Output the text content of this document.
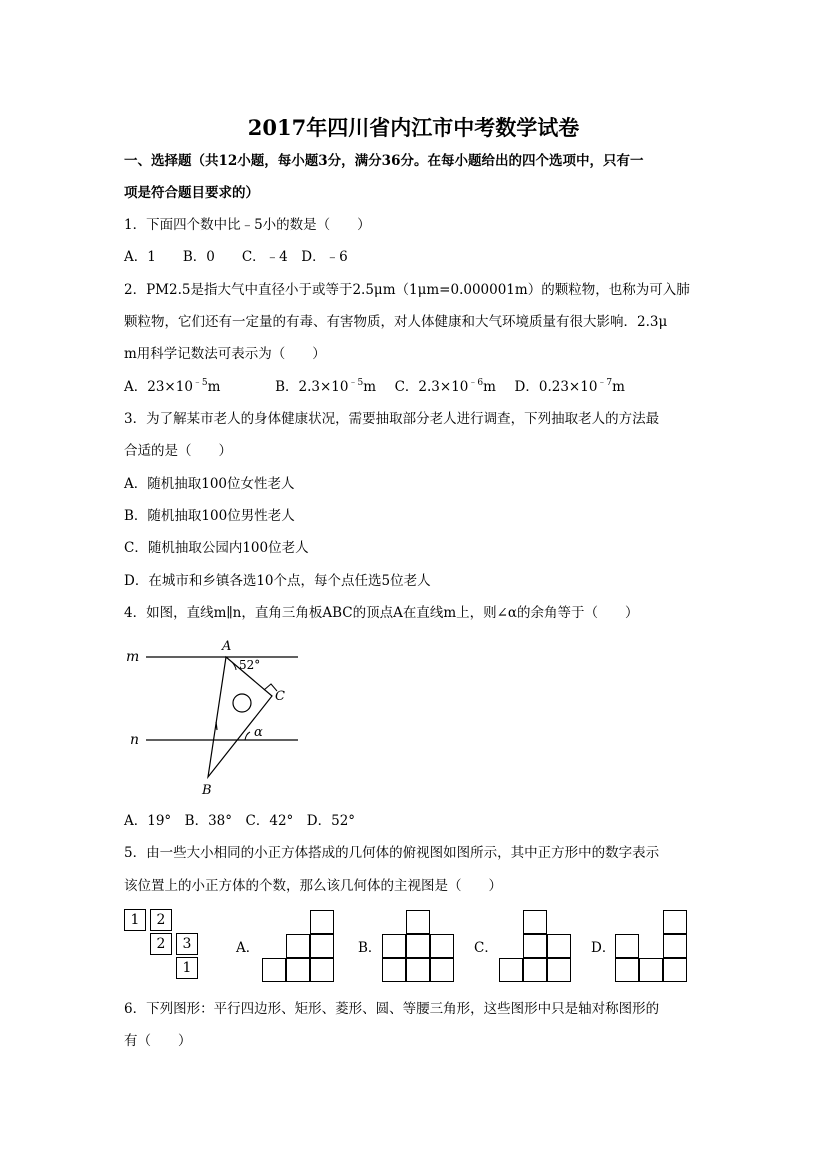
2017年四川省内江市中考数学试卷
一、选择题（共12小题，每小题3分，满分36分。在每小题给出的四个选项中，只有一
项是符合题目要求的）
1．下面四个数中比﹣5小的数是（　　）
A．1　　B．0　　C．﹣4　D．﹣6
2．PM2.5是指大气中直径小于或等于2.5μm（1μm=0.000001m）的颗粒物，也称为可入肺
颗粒物，它们还有一定量的有毒、有害物质，对人体健康和大气环境质量有很大影响．2.3μ
m用科学记数法可表示为（　　）
A．$23\times 10^{﹣5}m$	B．$2.3\times 10^{﹣5}m$ C．$2.3\times 10^{﹣6}m$ D．$0.23\times 10^{﹣7}m$
3．为了解某市老人的身体健康状况，需要抽取部分老人进行调查，下列抽取老人的方法最
合适的是（　　）
A．随机抽取100位女性老人
B．随机抽取100位男性老人
C．随机抽取公园内100位老人
D．在城市和乡镇各选10个点，每个点任选5位老人
4．如图，直线m∥n，直角三角板ABC的顶点A在直线m上，则∠α的余角等于（　　）
m
n
A
B
C
52°
α
A．19°　B．38°　C．42°　D．52°
5．由一些大小相同的小正方体搭成的几何体的俯视图如图所示，其中正方形中的数字表示
该位置上的小正方体的个数，那么该几何体的主视图是（　　）
1	2
2	3
1
A．	B．	C．	D．
6．下列图形：平行四边形、矩形、菱形、圆、等腰三角形，这些图形中只是轴对称图形的
有（　　）
